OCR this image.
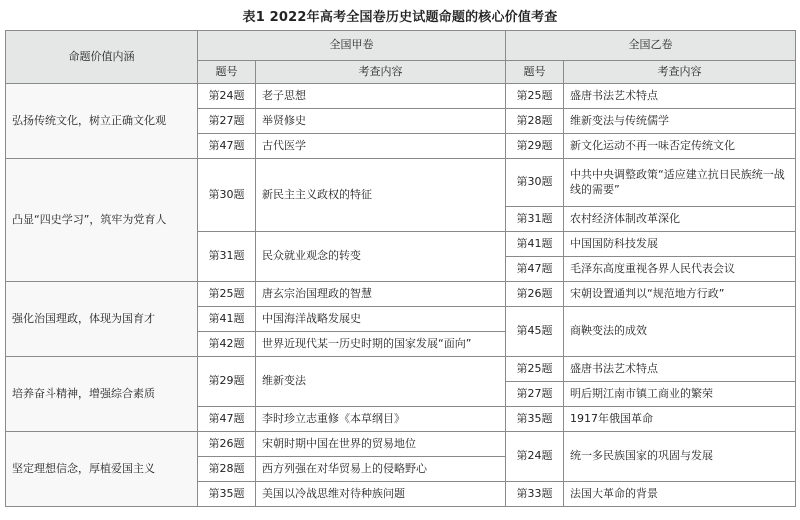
表1 2022年高考全国卷历史试题命题的核心价值考查
命题价值内涵	全国甲卷		全国乙卷	
	题号	考查内容	题号	考查内容
弘扬传统文化，树立正确文化观	第24题	老子思想	第25题	盛唐书法艺术特点
	第27题	举贤修史	第28题	维新变法与传统儒学
	第47题	古代医学	第29题	新文化运动不再一味否定传统文化
凸显“四史学习”，筑牢为党育人	第30题	新民主主义政权的特征	第30题	中共中央调整政策“适应建立抗日民族统一战线的需要”
			第31题	农村经济体制改革深化
	第31题	民众就业观念的转变	第41题	中国国防科技发展
			第47题	毛泽东高度重视各界人民代表会议
强化治国理政，体现为国育才	第25题	唐玄宗治国理政的智慧	第26题	宋朝设置通判以“规范地方行政”
	第41题	中国海洋战略发展史	第45题	商鞅变法的成效
	第42题	世界近现代某一历史时期的国家发展“面向”		
培养奋斗精神，增强综合素质	第29题	维新变法	第25题	盛唐书法艺术特点
			第27题	明后期江南市镇工商业的繁荣
	第47题	李时珍立志重修《本草纲目》	第35题	1917年俄国革命
坚定理想信念，厚植爱国主义	第26题	宋朝时期中国在世界的贸易地位	第24题	统一多民族国家的巩固与发展
	第28题	西方列强在对华贸易上的侵略野心		
	第35题	美国以冷战思维对待种族问题	第33题	法国大革命的背景
